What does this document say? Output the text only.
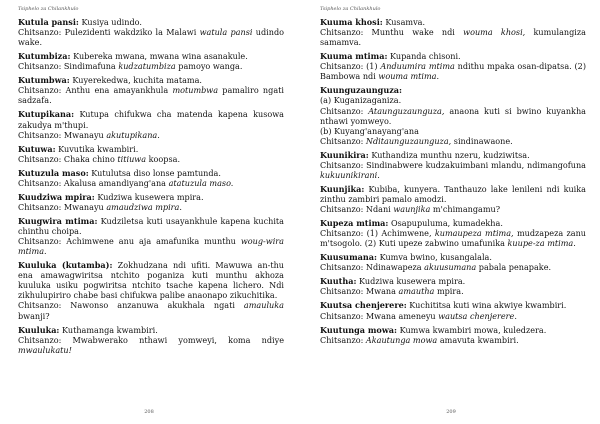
Tsiphelo za Chilankhulo

Kutula pansi: Kusiya udindo.

Chitsanzo: Pulezidenti wakdziko la Malawi watula pansi udindo wake.

Kutumbiza: Kubereka mwana, mwana wina asanakule.

Chitsanzo: Sindimafuna kudzatumbiza pamoyo wanga.

Kutumbwa: Kuyerekedwa, kuchita matama.

Chitsanzo: Anthu ena amayankhula motumbwa pamaliro ngati sadzafa.

Kutupikana: Kutupa chifukwa cha matenda kapena kusowa zakudya m'thupi.

Chitsanzo: Mwanayu akutupikana.

Kutuwa: Kuvutika kwambiri.

Chitsanzo: Chaka chino titiuwa koopsa.

Kutuzula maso: Kutulutsa diso lonse pamtunda.

Chitsanzo: Akalusa amandiyang'ana atatuzula maso.

Kuudziwa mpira: Kudziwa kusewera mpira.

Chitsanzo: Mwanayu amaudziwa mpira.

Kuugwira mtima: Kudziletsa kuti usayankhule kapena kuchita chinthu choipa.

Chitsanzo: Achimwene anu aja amafunika munthu woug-wira mtima.

Kuuluka (kutamba): Zokhudzana ndi ufiti. Mawuwa an-thu ena amawagwiritsa ntchito poganiza kuti munthu akhoza kuuluka usiku pogwiritsa ntchito tsache kapena lichero. Ndi zikhulupiriro chabe basi chifukwa palibe anaonapo zikuchitika.

Chitsanzo: Nawonso anzanuwa akukhala ngati amauluka bwanji?

Kuuluka: Kuthamanga kwambiri.

Chitsanzo: Mwabwerako nthawi yomweyi, koma ndiye mwaulukatu!

208
Tsiphelo za Chilankhulo

Kuuma khosi: Kusamva.

Chitsanzo: Munthu wake ndi wouma khosi, kumulangiza samamva.

Kuuma mtima: Kupanda chisoni.

Chitsanzo: (1) Anduumira mtima ndithu mpaka osan-dipatsa. (2) Bambowa ndi wouma mtima.

Kuunguzaunguza:

(a) Kuganizaganiza.

Chitsanzo: Ataunguzaunguza, anaona kuti si bwino kuyankha nthawi yomweyo.

(b) Kuyang'anayang'ana

Chitsanzo: Nditaunguzaunguza, sindinawaone.

Kuunikira: Kuthandiza munthu nzeru, kudziwitsa.

Chitsanzo: Sindinabwere kudzakuimbani mlandu, ndimangofuna kukuunikirani.

Kuunjika: Kubiba, kunyera. Tanthauzo lake lenileni ndi kuika zinthu zambiri pamalo amodzi.

Chitsanzo: Ndani waunjika m'chimangamu?

Kupeza mtima: Osapupuluma, kumadekha.

Chitsanzo: (1) Achimwene, kumaupeza mtima, mudzapeza zanu m'tsogolo. (2) Kuti upeze zabwino umafunika kuupe-za mtima.

Kuusumana: Kumva bwino, kusangalala.

Chitsanzo: Ndinawapeza akuusumana pabala penapake.

Kuutha: Kudziwa kusewera mpira.

Chitsanzo: Mwana amautha mpira.

Kuutsa chenjerere: Kuchititsa kuti wina akwiye kwambiri.

Chitsanzo: Mwana ameneyu wautsa chenjerere.

Kuutunga mowa: Kumwa kwambiri mowa, kuledzera.

Chitsanzo: Akautunga mowa amavuta kwambiri.

209
